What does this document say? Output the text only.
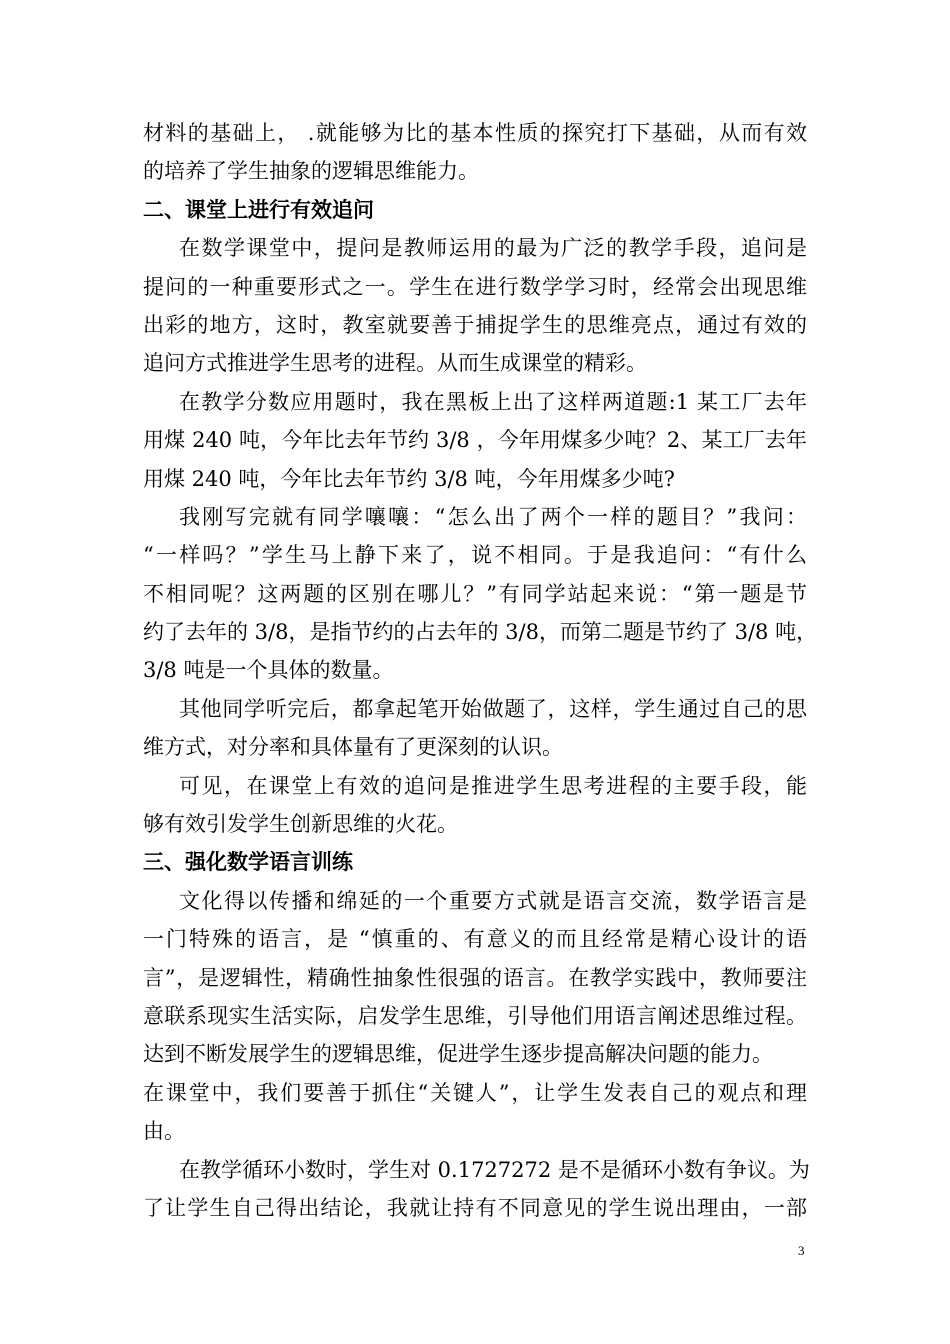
材料的基础上， .就能够为比的基本性质的探究打下基础，从而有效
的培养了学生抽象的逻辑思维能力。
二、课堂上进行有效追问
在数学课堂中，提问是教师运用的最为广泛的教学手段，追问是
提问的一种重要形式之一。学生在进行数学学习时，经常会出现思维
出彩的地方，这时，教室就要善于捕捉学生的思维亮点，通过有效的
追问方式推进学生思考的进程。从而生成课堂的精彩。
在教学分数应用题时，我在黑板上出了这样两道题:1 某工厂去年
用煤 240 吨，今年比去年节约 3/8 ，今年用煤多少吨？2、某工厂去年
用煤 240 吨，今年比去年节约 3/8 吨，今年用煤多少吨?
我刚写完就有同学嚷嚷：“怎么出了两个一样的题目？”我问：
“一样吗？”学生马上静下来了，说不相同。于是我追问：“有什么
不相同呢？这两题的区别在哪儿？”有同学站起来说：“第一题是节
约了去年的 3/8，是指节约的占去年的 3/8，而第二题是节约了 3/8 吨，
3/8 吨是一个具体的数量。
其他同学听完后，都拿起笔开始做题了，这样，学生通过自己的思
维方式，对分率和具体量有了更深刻的认识。
可见，在课堂上有效的追问是推进学生思考进程的主要手段，能
够有效引发学生创新思维的火花。
三、强化数学语言训练
文化得以传播和绵延的一个重要方式就是语言交流，数学语言是
一门特殊的语言，是 “慎重的、有意义的而且经常是精心设计的语
言”，是逻辑性，精确性抽象性很强的语言。在教学实践中，教师要注
意联系现实生活实际，启发学生思维，引导他们用语言阐述思维过程。
达到不断发展学生的逻辑思维，促进学生逐步提高解决问题的能力。
在课堂中，我们要善于抓住“关键人”，让学生发表自己的观点和理
由。
在教学循环小数时，学生对 0.1727272 是不是循环小数有争议。为
了让学生自己得出结论，我就让持有不同意见的学生说出理由，一部
3
